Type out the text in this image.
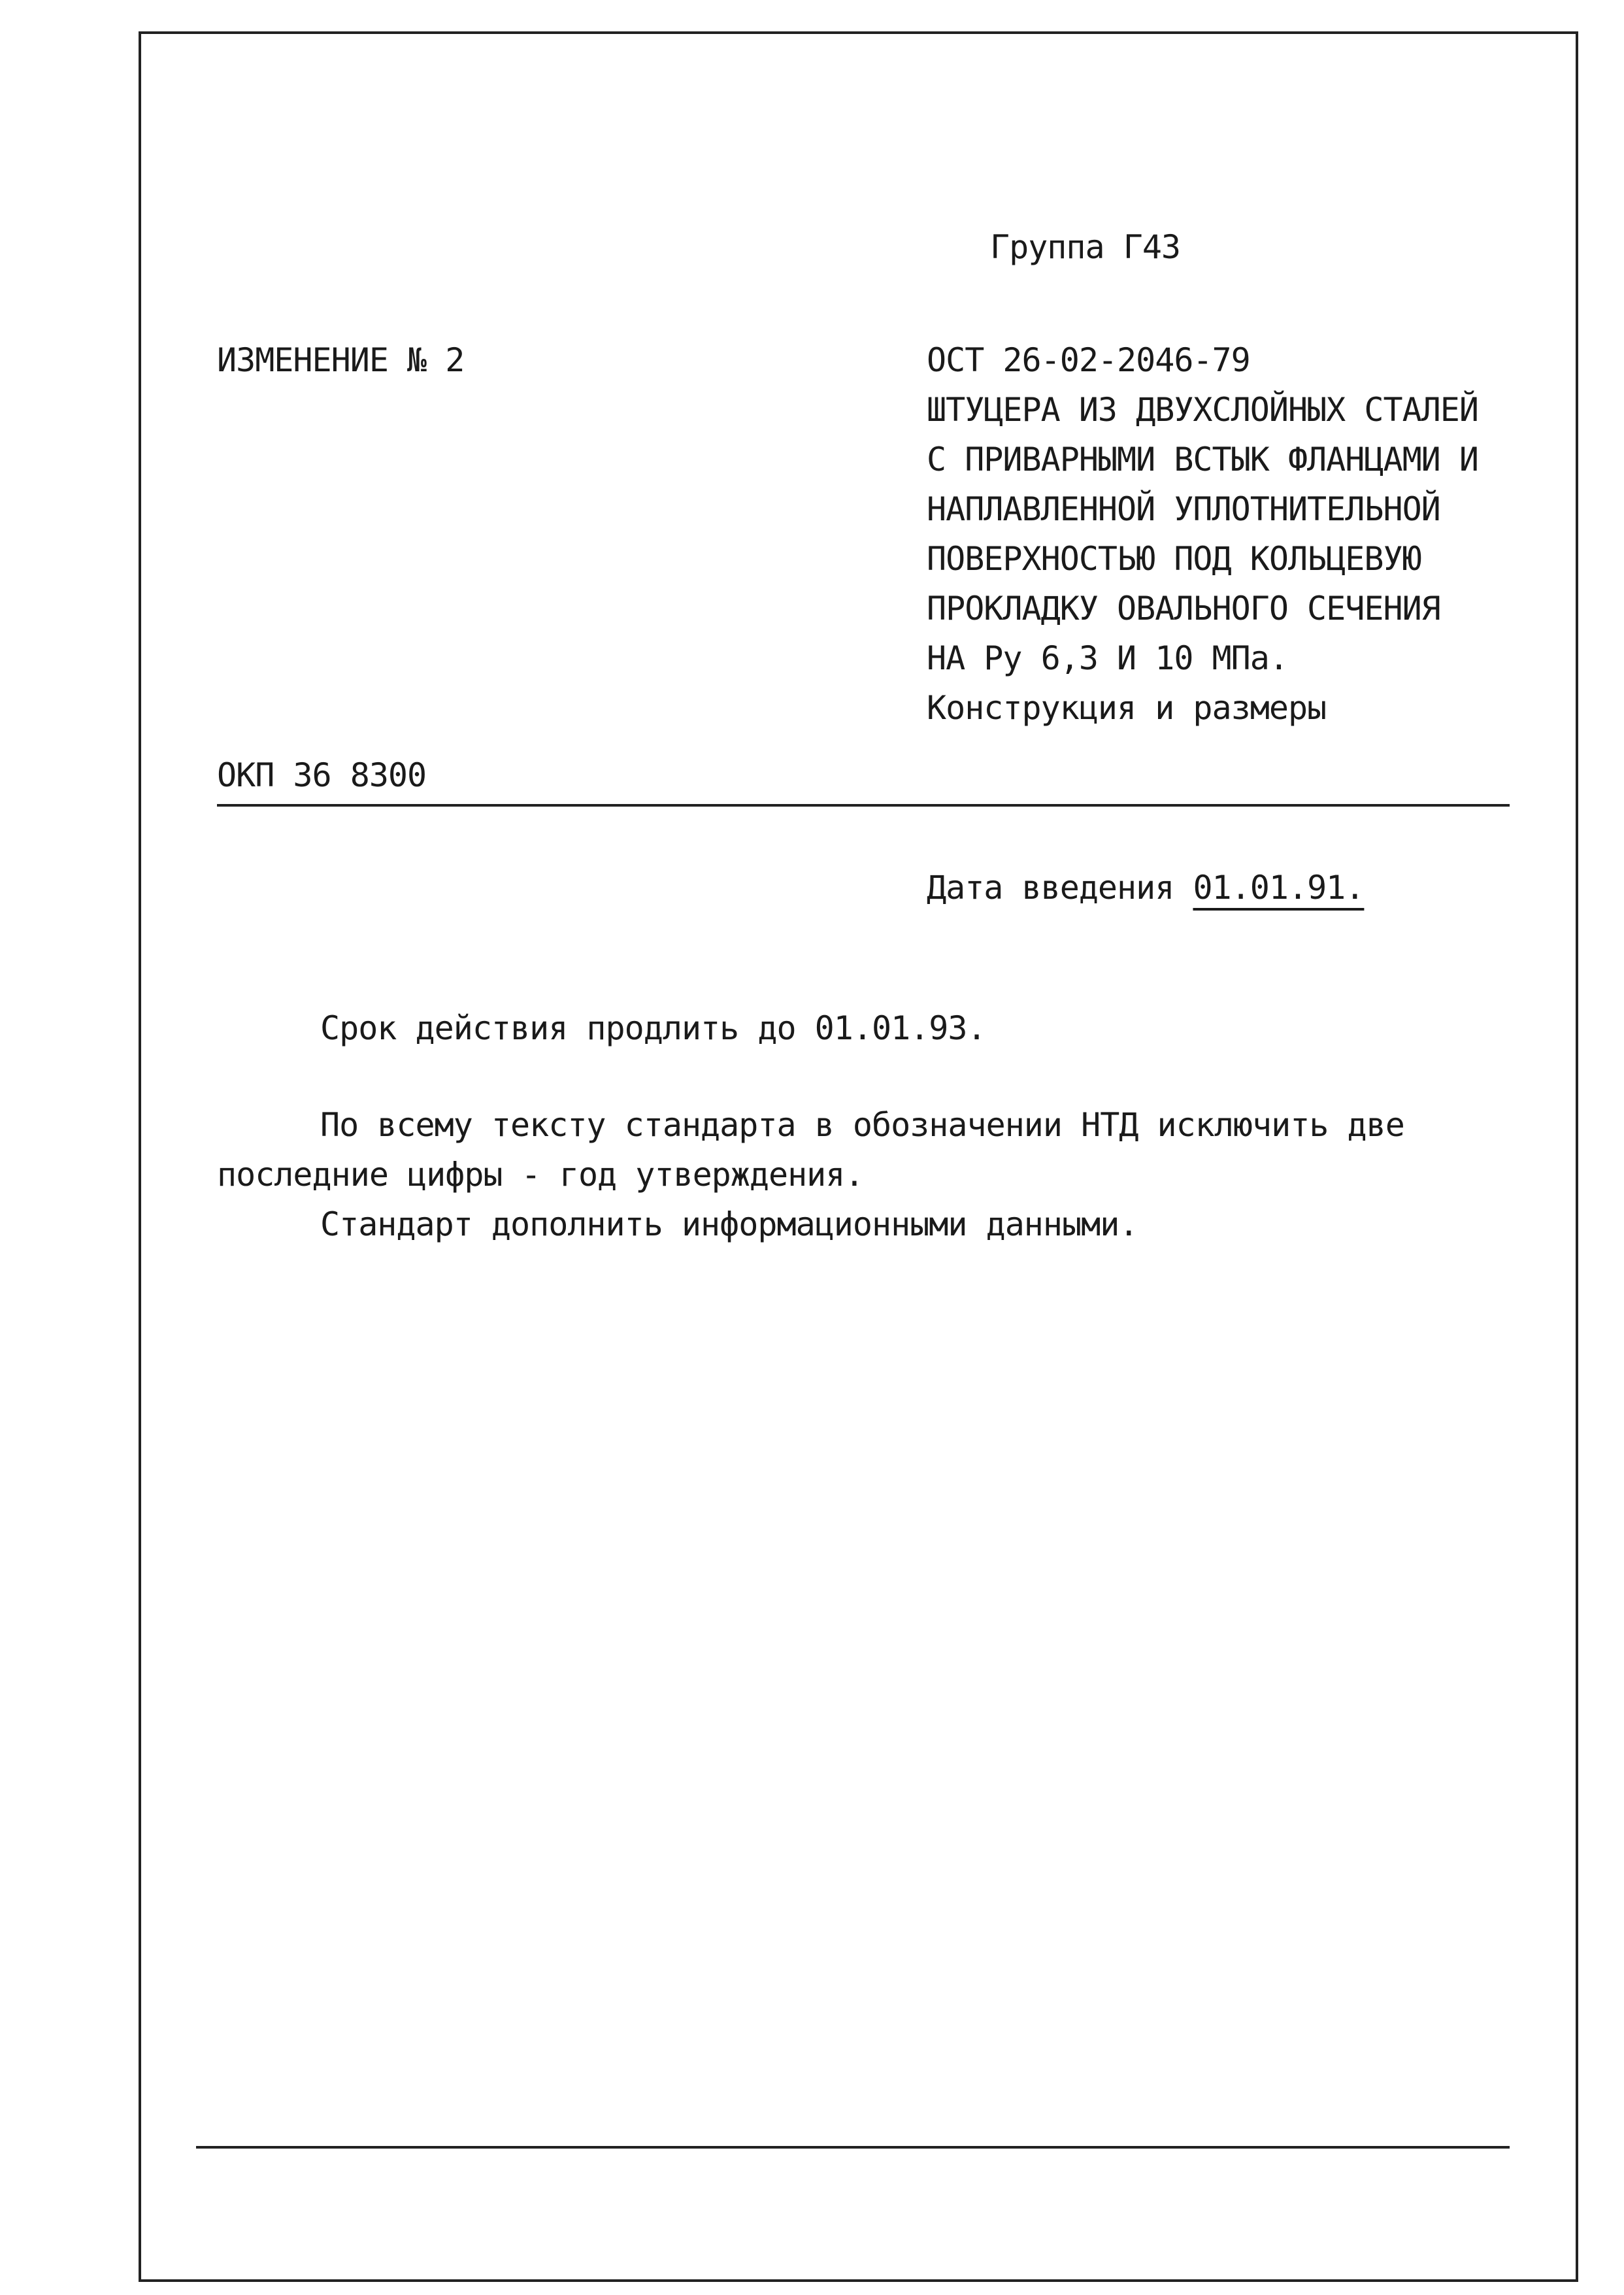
Группа Г43
ИЗМЕНЕНИЕ № 2	ОСТ 26-02-2046-79
ШТУЦЕРА ИЗ ДВУХСЛОЙНЫХ СТАЛЕЙ
С ПРИВАРНЫМИ ВСТЫК ФЛАНЦАМИ И
НАПЛАВЛЕННОЙ УПЛОТНИТЕЛЬНОЙ
ПОВЕРХНОСТЬЮ ПОД КОЛЬЦЕВУЮ
ПРОКЛАДКУ ОВАЛЬНОГО СЕЧЕНИЯ
НА Ру 6,3 И 10 МПа.
Конструкция и размеры
ОКП 36 8300
Дата введения 01.01.91.

Срок действия продлить до 01.01.93.

По всему тексту стандарта в обозначении НТД исключить две

последние цифры - год утверждения.

Стандарт дополнить информационными данными.
